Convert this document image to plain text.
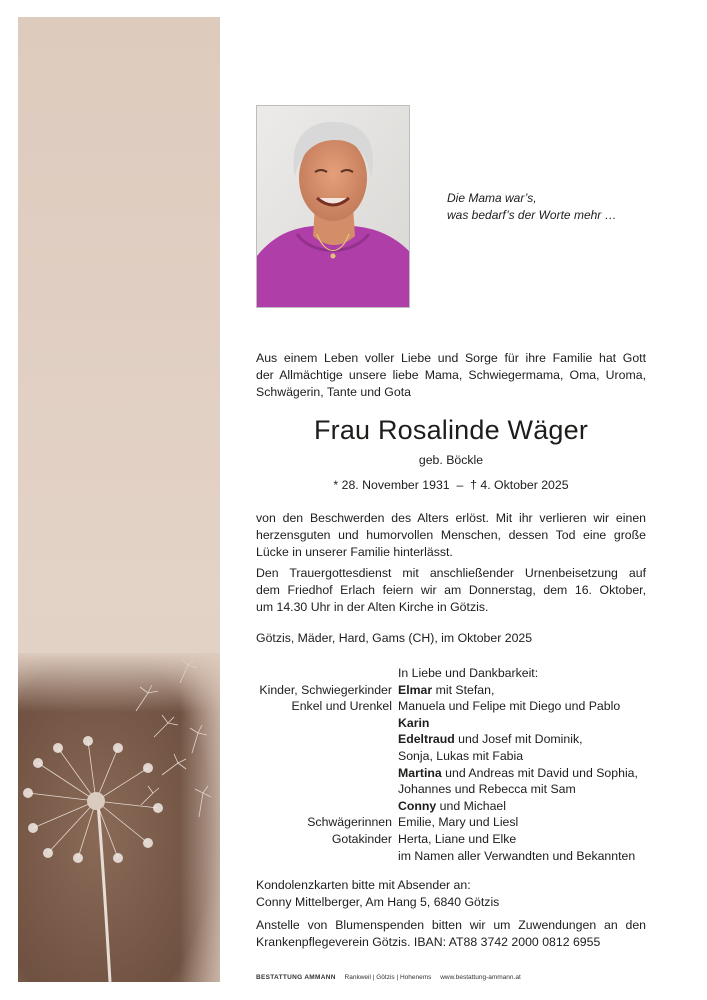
Die Mama war’s,
was bedarf’s der Worte mehr …
Aus einem Leben voller Liebe und Sorge für ihre Familie hat Gott
der Allmächtige unsere liebe Mama, Schwiegermama, Oma, Uroma,
Schwägerin, Tante und Gota
Frau Rosalinde Wäger
geb. Böckle
* 28. November 1931  –  † 4. Oktober 2025
von den Beschwerden des Alters erlöst. Mit ihr verlieren wir einen
herzensguten und humorvollen Menschen, dessen Tod eine große
Lücke in unserer Familie hinterlässt.
Den Trauergottesdienst mit anschließender Urnenbeisetzung auf
dem Friedhof Erlach feiern wir am Donnerstag, dem 16. Oktober,
um 14.30 Uhr in der Alten Kirche in Götzis.
Götzis, Mäder, Hard, Gams (CH), im Oktober 2025
In Liebe und Dankbarkeit:
Kinder, Schwiegerkinder Elmar mit Stefan,
Enkel und Urenkel Manuela und Felipe mit Diego und Pablo
Karin
Edeltraud und Josef mit Dominik,
Sonja, Lukas mit Fabia
Martina und Andreas mit David und Sophia,
Johannes und Rebecca mit Sam
Conny und Michael
Schwägerinnen Emilie, Mary und Liesl
Gotakinder Herta, Liane und Elke
im Namen aller Verwandten und Bekannten
Kondolenzkarten bitte mit Absender an:
Conny Mittelberger, Am Hang 5, 6840 Götzis
Anstelle von Blumenspenden bitten wir um Zuwendungen an den
Krankenpflegeverein Götzis. IBAN: AT88 3742 2000 0812 6955
BESTATTUNG AMMANN Rankweil | Götzis | Hohenems www.bestattung-ammann.at
